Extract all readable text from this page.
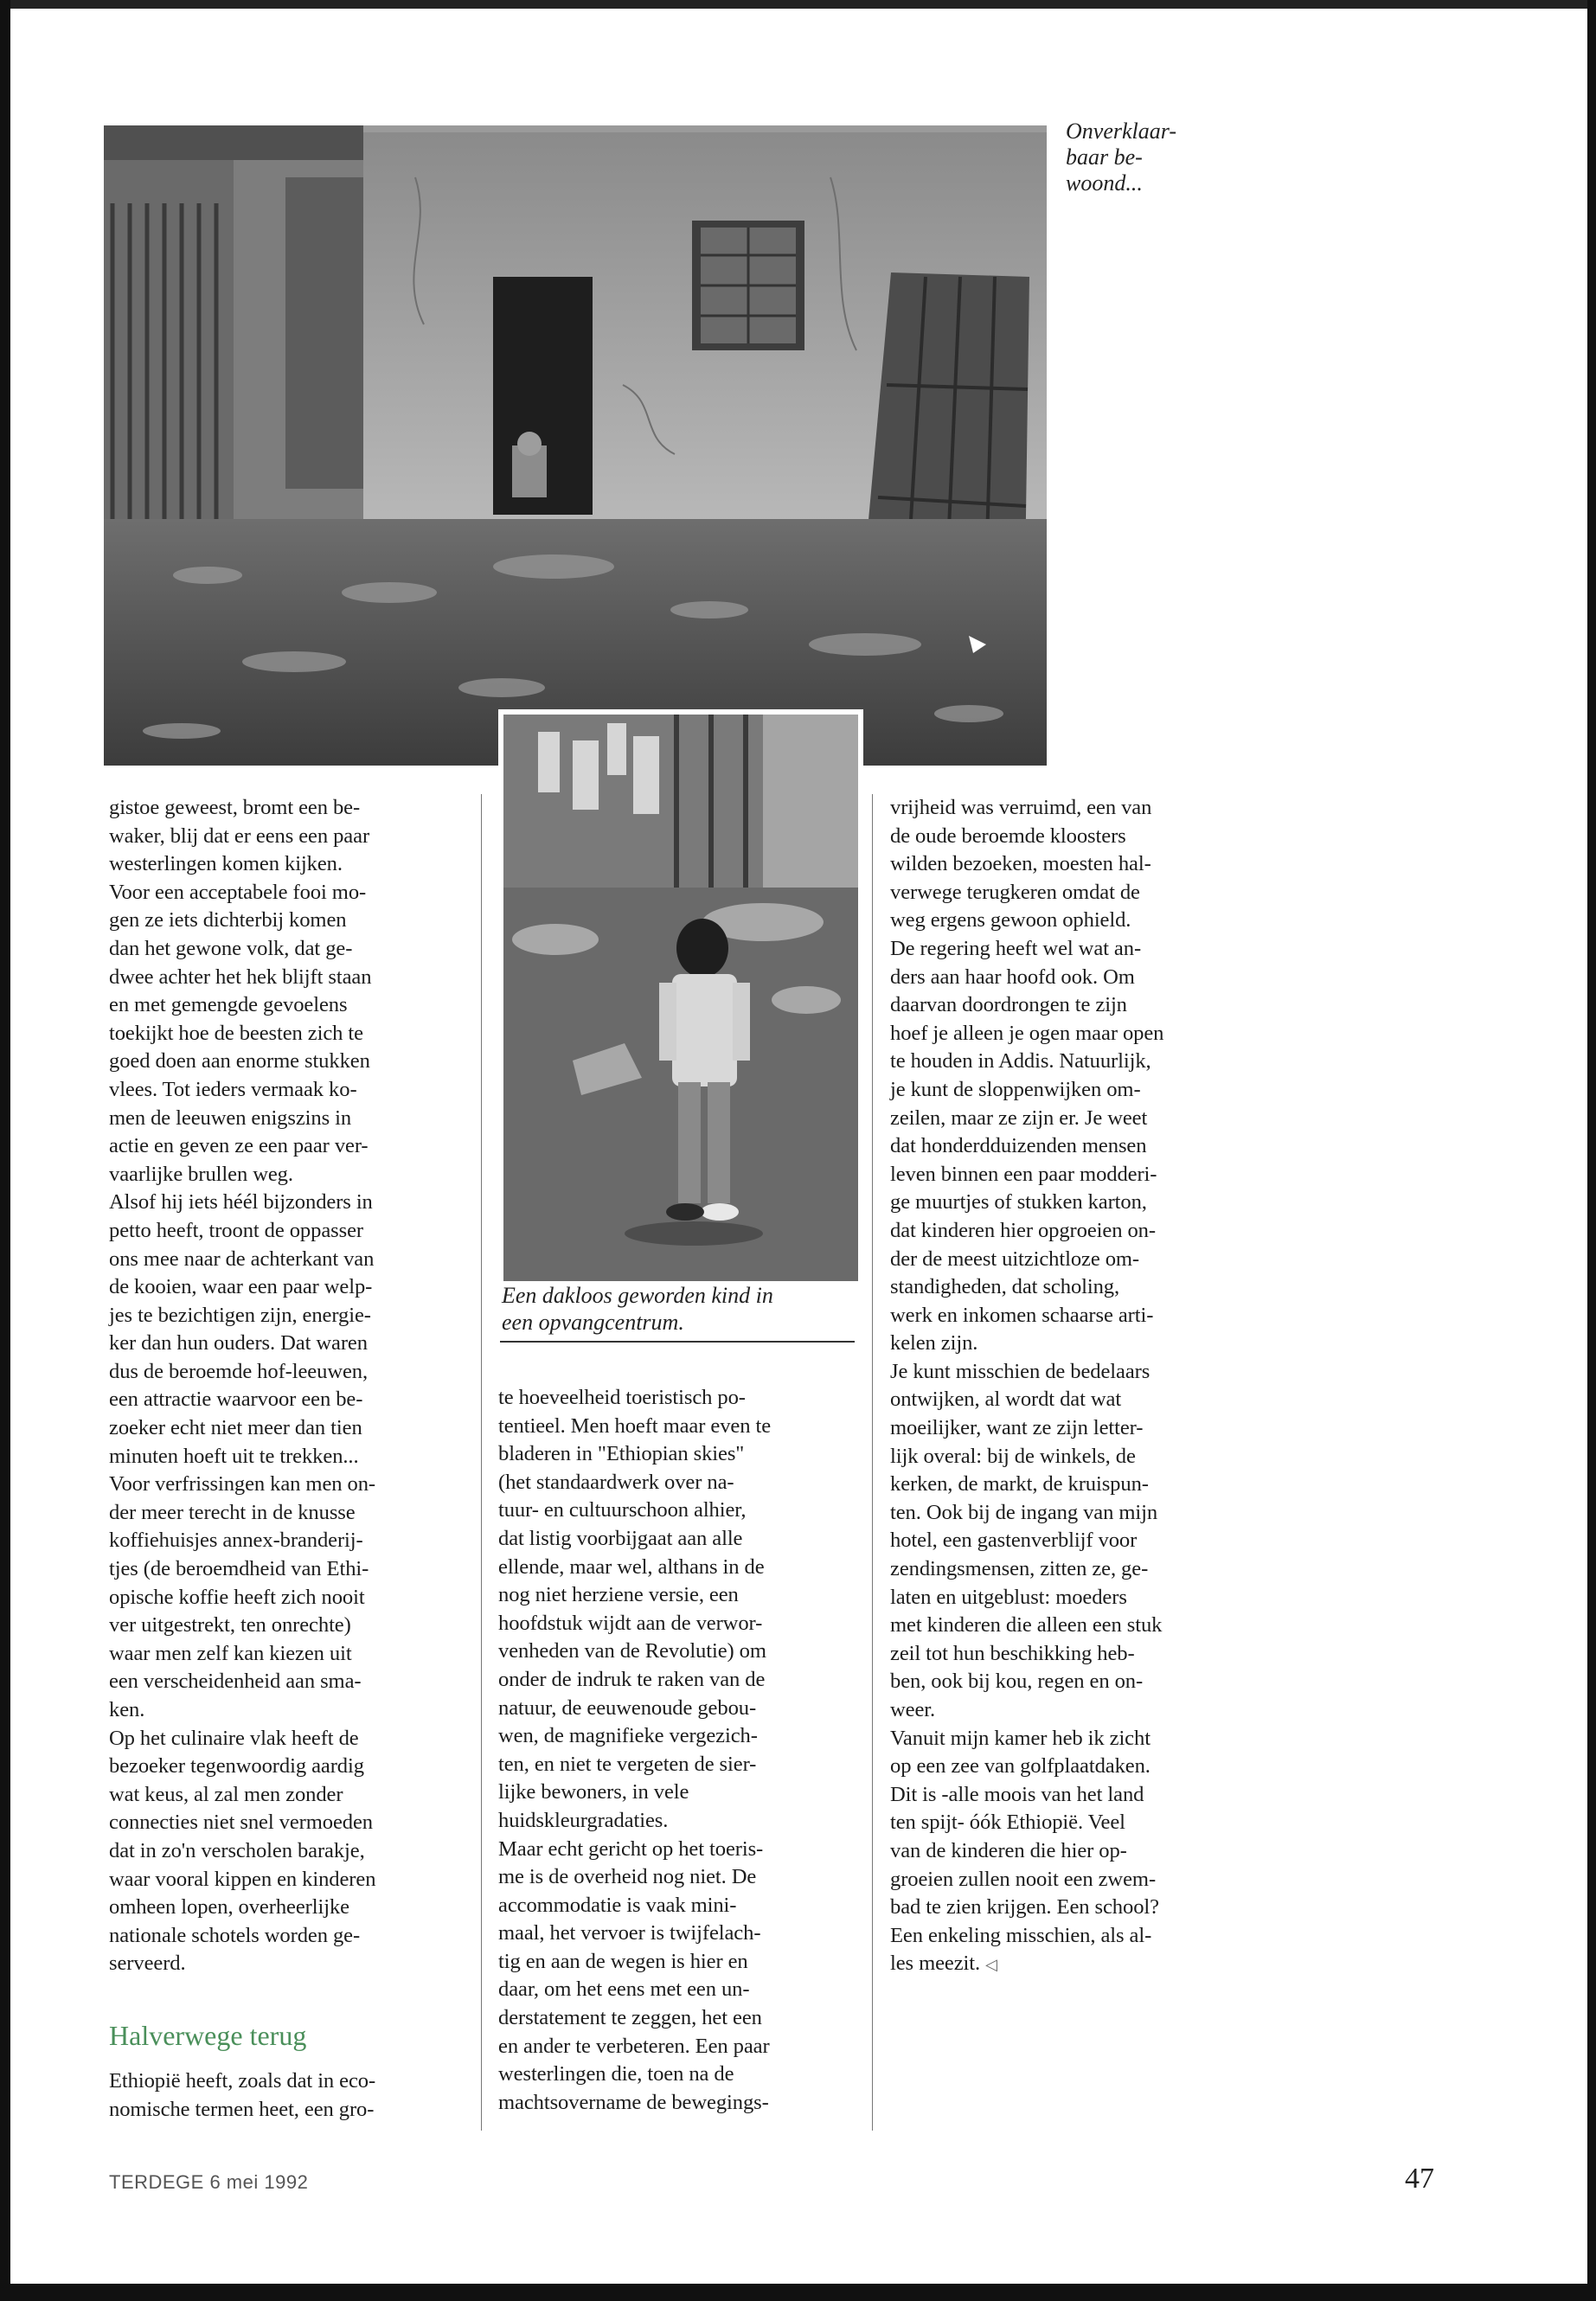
Onverklaar-
baar be-
woond...
Een dakloos geworden kind in
een opvangcentrum.
gistoe geweest, bromt een be-
waker, blij dat er eens een paar
westerlingen komen kijken.
Voor een acceptabele fooi mo-
gen ze iets dichterbij komen
dan het gewone volk, dat ge-
dwee achter het hek blijft staan
en met gemengde gevoelens
toekijkt hoe de beesten zich te
goed doen aan enorme stukken
vlees. Tot ieders vermaak ko-
men de leeuwen enigszins in
actie en geven ze een paar ver-
vaarlijke brullen weg.
Alsof hij iets héél bijzonders in
petto heeft, troont de oppasser
ons mee naar de achterkant van
de kooien, waar een paar welp-
jes te bezichtigen zijn, energie-
ker dan hun ouders. Dat waren
dus de beroemde hof-leeuwen,
een attractie waarvoor een be-
zoeker echt niet meer dan tien
minuten hoeft uit te trekken...
Voor verfrissingen kan men on-
der meer terecht in de knusse
koffiehuisjes annex-branderij-
tjes (de beroemdheid van Ethi-
opische koffie heeft zich nooit
ver uitgestrekt, ten onrechte)
waar men zelf kan kiezen uit
een verscheidenheid aan sma-
ken.
Op het culinaire vlak heeft de
bezoeker tegenwoordig aardig
wat keus, al zal men zonder
connecties niet snel vermoeden
dat in zo'n verscholen barakje,
waar vooral kippen en kinderen
omheen lopen, overheerlijke
nationale schotels worden ge-
serveerd.
Halverwege terug
Ethiopië heeft, zoals dat in eco-
nomische termen heet, een gro-
te hoeveelheid toeristisch po-
tentieel. Men hoeft maar even te
bladeren in "Ethiopian skies"
(het standaardwerk over na-
tuur- en cultuurschoon alhier,
dat listig voorbijgaat aan alle
ellende, maar wel, althans in de
nog niet herziene versie, een
hoofdstuk wijdt aan de verwor-
venheden van de Revolutie) om
onder de indruk te raken van de
natuur, de eeuwenoude gebou-
wen, de magnifieke vergezich-
ten, en niet te vergeten de sier-
lijke bewoners, in vele
huidskleurgradaties.
Maar echt gericht op het toeris-
me is de overheid nog niet. De
accommodatie is vaak mini-
maal, het vervoer is twijfelach-
tig en aan de wegen is hier en
daar, om het eens met een un-
derstatement te zeggen, het een
en ander te verbeteren. Een paar
westerlingen die, toen na de
machtsovername de bewegings-
vrijheid was verruimd, een van
de oude beroemde kloosters
wilden bezoeken, moesten hal-
verwege terugkeren omdat de
weg ergens gewoon ophield.
De regering heeft wel wat an-
ders aan haar hoofd ook. Om
daarvan doordrongen te zijn
hoef je alleen je ogen maar open
te houden in Addis. Natuurlijk,
je kunt de sloppenwijken om-
zeilen, maar ze zijn er. Je weet
dat honderdduizenden mensen
leven binnen een paar modderi-
ge muurtjes of stukken karton,
dat kinderen hier opgroeien on-
der de meest uitzichtloze om-
standigheden, dat scholing,
werk en inkomen schaarse arti-
kelen zijn.
Je kunt misschien de bedelaars
ontwijken, al wordt dat wat
moeilijker, want ze zijn letter-
lijk overal: bij de winkels, de
kerken, de markt, de kruispun-
ten. Ook bij de ingang van mijn
hotel, een gastenverblijf voor
zendingsmensen, zitten ze, ge-
laten en uitgeblust: moeders
met kinderen die alleen een stuk
zeil tot hun beschikking heb-
ben, ook bij kou, regen en on-
weer.
Vanuit mijn kamer heb ik zicht
op een zee van golfplaatdaken.
Dit is -alle moois van het land
ten spijt- óók Ethiopië. Veel
van de kinderen die hier op-
groeien zullen nooit een zwem-
bad te zien krijgen. Een school?
Een enkeling misschien, als al-
les meezit. ◁
TERDEGE 6 mei 1992	47
